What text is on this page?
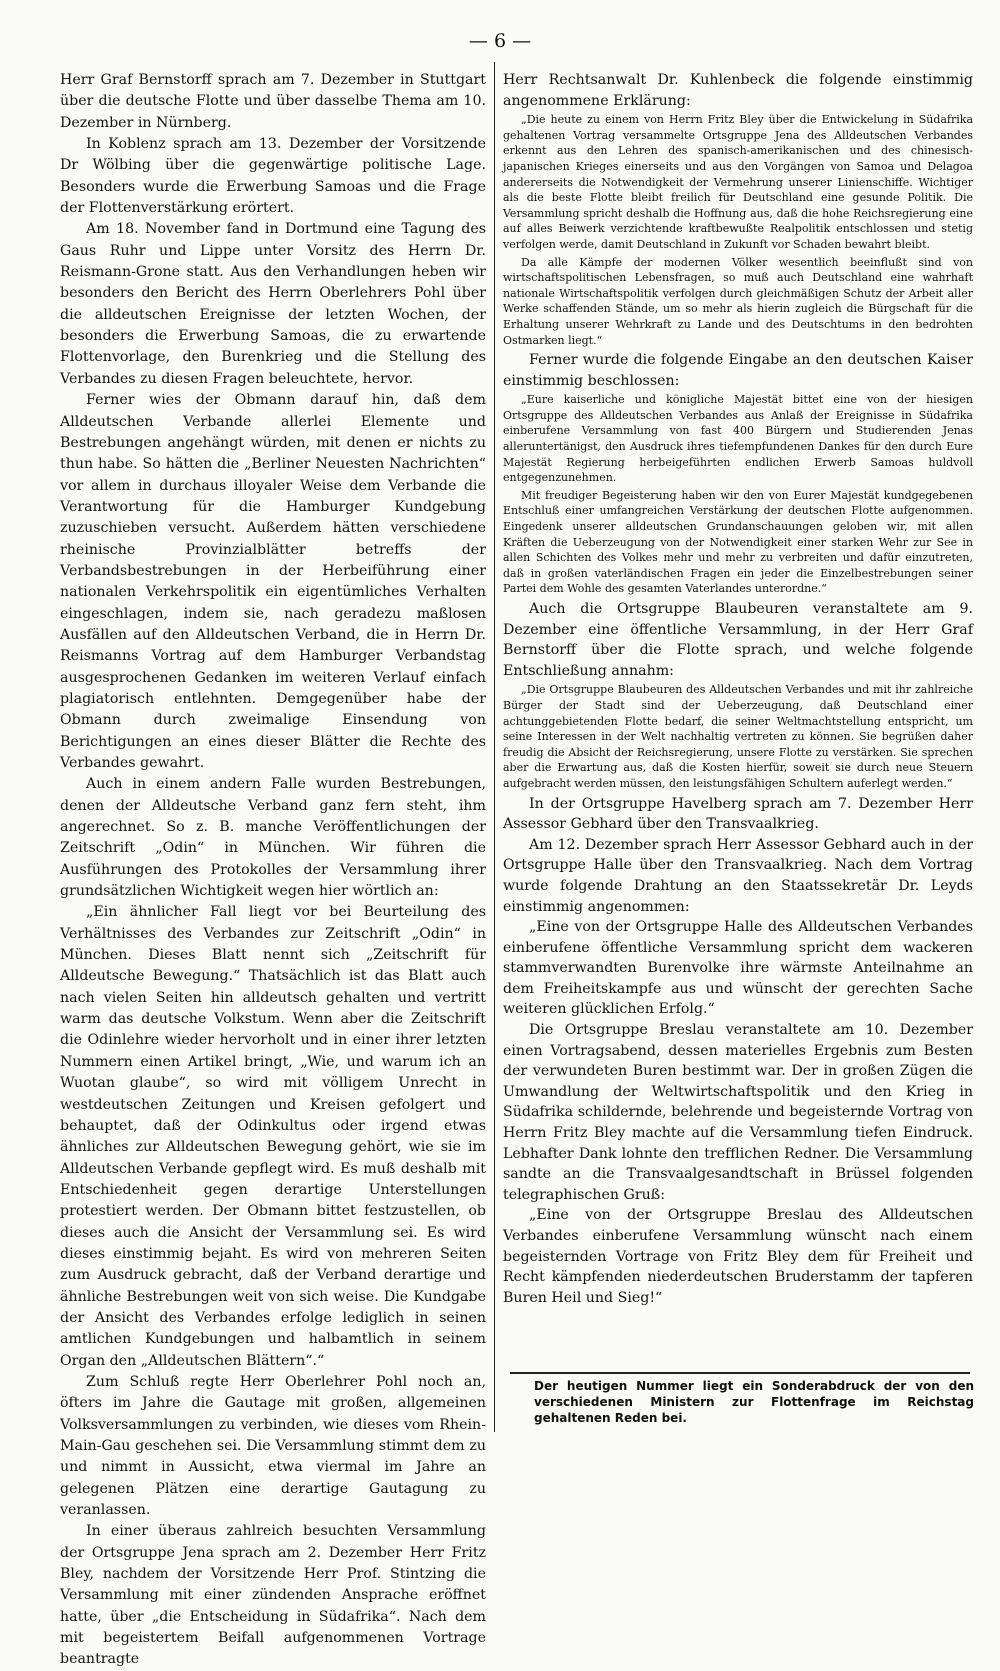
— 6 —

Herr Graf Bernstorff sprach am 7. Dezember in Stuttgart über die deutsche Flotte und über dasselbe Thema am 10. Dezember in Nürnberg.

In Koblenz sprach am 13. Dezember der Vorsitzende Dr Wölbing über die gegenwärtige politische Lage. Besonders wurde die Erwerbung Samoas und die Frage der Flottenverstärkung erörtert.

Am 18. November fand in Dortmund eine Tagung des Gaus Ruhr und Lippe unter Vorsitz des Herrn Dr. Reismann-Grone statt. Aus den Verhandlungen heben wir besonders den Bericht des Herrn Oberlehrers Pohl über die alldeutschen Ereignisse der letzten Wochen, der besonders die Erwerbung Samoas, die zu erwartende Flottenvorlage, den Burenkrieg und die Stellung des Verbandes zu diesen Fragen beleuchtete, hervor.

Ferner wies der Obmann darauf hin, daß dem Alldeutschen Verbande allerlei Elemente und Bestrebungen angehängt würden, mit denen er nichts zu thun habe. So hätten die „Berliner Neuesten Nachrichten“ vor allem in durchaus illoyaler Weise dem Verbande die Verantwortung für die Hamburger Kundgebung zuzuschieben versucht. Außerdem hätten verschiedene rheinische Provinzialblätter betreffs der Verbandsbestrebungen in der Herbeiführung einer nationalen Verkehrspolitik ein eigentümliches Verhalten eingeschlagen, indem sie, nach geradezu maßlosen Ausfällen auf den Alldeutschen Verband, die in Herrn Dr. Reismanns Vortrag auf dem Hamburger Verbandstag ausgesprochenen Gedanken im weiteren Verlauf einfach plagiatorisch entlehnten. Demgegenüber habe der Obmann durch zweimalige Einsendung von Berichtigungen an eines dieser Blätter die Rechte des Verbandes gewahrt.

Auch in einem andern Falle wurden Bestrebungen, denen der Alldeutsche Verband ganz fern steht, ihm angerechnet. So z. B. manche Veröffentlichungen der Zeitschrift „Odin“ in München. Wir führen die Ausführungen des Protokolles der Versammlung ihrer grundsätzlichen Wichtigkeit wegen hier wörtlich an:

„Ein ähnlicher Fall liegt vor bei Beurteilung des Verhältnisses des Verbandes zur Zeitschrift „Odin“ in München. Dieses Blatt nennt sich „Zeitschrift für Alldeutsche Bewegung.“ Thatsächlich ist das Blatt auch nach vielen Seiten hin alldeutsch gehalten und vertritt warm das deutsche Volkstum. Wenn aber die Zeitschrift die Odinlehre wieder hervorholt und in einer ihrer letzten Nummern einen Artikel bringt, „Wie, und warum ich an Wuotan glaube“, so wird mit völligem Unrecht in westdeutschen Zeitungen und Kreisen gefolgert und behauptet, daß der Odinkultus oder irgend etwas ähnliches zur Alldeutschen Bewegung gehört, wie sie im Alldeutschen Verbande gepflegt wird. Es muß deshalb mit Entschiedenheit gegen derartige Unterstellungen protestiert werden. Der Obmann bittet festzustellen, ob dieses auch die Ansicht der Versammlung sei. Es wird dieses einstimmig bejaht. Es wird von mehreren Seiten zum Ausdruck gebracht, daß der Verband derartige und ähnliche Bestrebungen weit von sich weise. Die Kundgabe der Ansicht des Verbandes erfolge lediglich in seinen amtlichen Kundgebungen und halbamtlich in seinem Organ den „Alldeutschen Blättern“.“

Zum Schluß regte Herr Oberlehrer Pohl noch an, öfters im Jahre die Gautage mit großen, allgemeinen Volksversammlungen zu verbinden, wie dieses vom Rhein-Main-Gau geschehen sei. Die Versammlung stimmt dem zu und nimmt in Aussicht, etwa viermal im Jahre an gelegenen Plätzen eine derartige Gautagung zu veranlassen.

In einer überaus zahlreich besuchten Versammlung der Ortsgruppe Jena sprach am 2. Dezember Herr Fritz Bley, nachdem der Vorsitzende Herr Prof. Stintzing die Versammlung mit einer zündenden Ansprache eröffnet hatte, über „die Entscheidung in Südafrika“. Nach dem mit begeistertem Beifall aufgenommenen Vortrage beantragte

Herr Rechtsanwalt Dr. Kuhlenbeck die folgende einstimmig angenommene Erklärung:

„Die heute zu einem von Herrn Fritz Bley über die Entwickelung in Südafrika gehaltenen Vortrag versammelte Ortsgruppe Jena des Alldeutschen Verbandes erkennt aus den Lehren des spanisch-amerikanischen und des chinesisch-japanischen Krieges einerseits und aus den Vorgängen von Samoa und Delagoa andererseits die Notwendigkeit der Vermehrung unserer Linienschiffe. Wichtiger als die beste Flotte bleibt freilich für Deutschland eine gesunde Politik. Die Versammlung spricht deshalb die Hoffnung aus, daß die hohe Reichsregierung eine auf alles Beiwerk verzichtende kraftbewußte Realpolitik entschlossen und stetig verfolgen werde, damit Deutschland in Zukunft vor Schaden bewahrt bleibt.

Da alle Kämpfe der modernen Völker wesentlich beeinflußt sind von wirtschaftspolitischen Lebensfragen, so muß auch Deutschland eine wahrhaft nationale Wirtschaftspolitik verfolgen durch gleichmäßigen Schutz der Arbeit aller Werke schaffenden Stände, um so mehr als hierin zugleich die Bürgschaft für die Erhaltung unserer Wehrkraft zu Lande und des Deutschtums in den bedrohten Ostmarken liegt.“

Ferner wurde die folgende Eingabe an den deutschen Kaiser einstimmig beschlossen:

„Eure kaiserliche und königliche Majestät bittet eine von der hiesigen Ortsgruppe des Alldeutschen Verbandes aus Anlaß der Ereignisse in Südafrika einberufene Versammlung von fast 400 Bürgern und Studierenden Jenas alleruntertänigst, den Ausdruck ihres tiefempfundenen Dankes für den durch Eure Majestät Regierung herbeigeführten endlichen Erwerb Samoas huldvoll entgegenzunehmen.

Mit freudiger Begeisterung haben wir den von Eurer Majestät kundgegebenen Entschluß einer umfangreichen Verstärkung der deutschen Flotte aufgenommen. Eingedenk unserer alldeutschen Grundanschauungen geloben wir, mit allen Kräften die Ueberzeugung von der Notwendigkeit einer starken Wehr zur See in allen Schichten des Volkes mehr und mehr zu verbreiten und dafür einzutreten, daß in großen vaterländischen Fragen ein jeder die Einzelbestrebungen seiner Partei dem Wohle des gesamten Vaterlandes unterordne.“

Auch die Ortsgruppe Blaubeuren veranstaltete am 9. Dezember eine öffentliche Versammlung, in der Herr Graf Bernstorff über die Flotte sprach, und welche folgende Entschließung annahm:

„Die Ortsgruppe Blaubeuren des Alldeutschen Verbandes und mit ihr zahlreiche Bürger der Stadt sind der Ueberzeugung, daß Deutschland einer achtunggebietenden Flotte bedarf, die seiner Weltmachtstellung entspricht, um seine Interessen in der Welt nachhaltig vertreten zu können. Sie begrüßen daher freudig die Absicht der Reichsregierung, unsere Flotte zu verstärken. Sie sprechen aber die Erwartung aus, daß die Kosten hierfür, soweit sie durch neue Steuern aufgebracht werden müssen, den leistungsfähigen Schultern auferlegt werden.“

In der Ortsgruppe Havelberg sprach am 7. Dezember Herr Assessor Gebhard über den Transvaalkrieg.

Am 12. Dezember sprach Herr Assessor Gebhard auch in der Ortsgruppe Halle über den Transvaalkrieg. Nach dem Vortrag wurde folgende Drahtung an den Staatssekretär Dr. Leyds einstimmig angenommen:

„Eine von der Ortsgruppe Halle des Alldeutschen Verbandes einberufene öffentliche Versammlung spricht dem wackeren stammverwandten Burenvolke ihre wärmste Anteilnahme an dem Freiheitskampfe aus und wünscht der gerechten Sache weiteren glücklichen Erfolg.“

Die Ortsgruppe Breslau veranstaltete am 10. Dezember einen Vortragsabend, dessen materielles Ergebnis zum Besten der verwundeten Buren bestimmt war. Der in großen Zügen die Umwandlung der Weltwirtschaftspolitik und den Krieg in Südafrika schildernde, belehrende und begeisternde Vortrag von Herrn Fritz Bley machte auf die Versammlung tiefen Eindruck. Lebhafter Dank lohnte den trefflichen Redner. Die Versammlung sandte an die Transvaalgesandtschaft in Brüssel folgenden telegraphischen Gruß:

„Eine von der Ortsgruppe Breslau des Alldeutschen Verbandes einberufene Versammlung wünscht nach einem begeisternden Vortrage von Fritz Bley dem für Freiheit und Recht kämpfenden niederdeutschen Bruderstamm der tapferen Buren Heil und Sieg!“

Der heutigen Nummer liegt ein Sonderabdruck der von den verschiedenen Ministern zur Flottenfrage im Reichstag gehaltenen Reden bei.
